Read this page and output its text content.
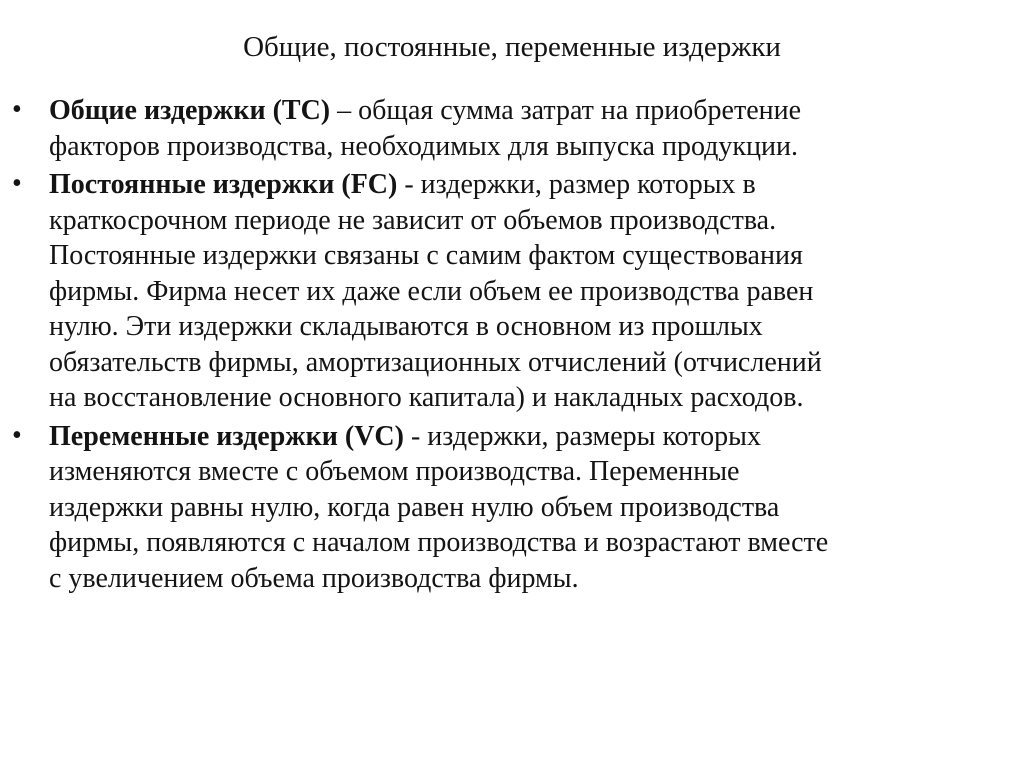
Общие, постоянные, переменные издержки
• Общие издержки (ТС) – общая сумма затрат на приобретение
факторов производства, необходимых для выпуска продукции.
• Постоянные издержки (FC) - издержки, размер которых в
краткосрочном периоде не зависит от объемов производства.
Постоянные издержки связаны с самим фактом существования
фирмы. Фирма несет их даже если объем ее производства равен
нулю. Эти издержки складываются в основном из прошлых
обязательств фирмы, амортизационных отчислений (отчислений
на восстановление основного капитала) и накладных расходов.
• Переменные издержки (VC) - издержки, размеры которых
изменяются вместе с объемом производства. Переменные
издержки равны нулю, когда равен нулю объем производства
фирмы, появляются с началом производства и возрастают вместе
с увеличением объема производства фирмы.
